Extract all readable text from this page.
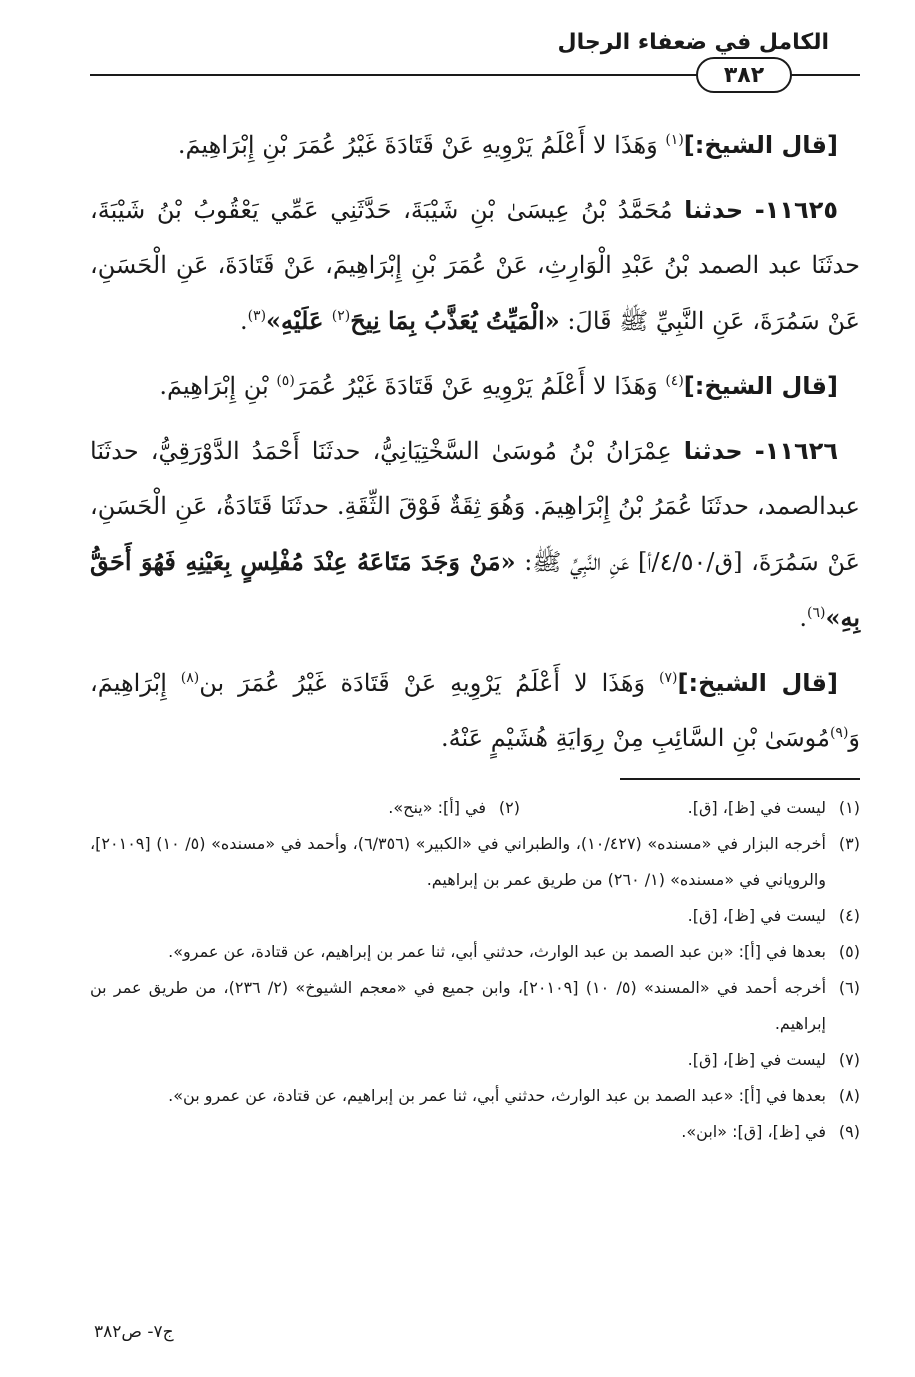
الكامل في ضعفاء الرجال
٣٨٢

[قال الشيخ:]$^{(١)}$ وَهَذَا لا أَعْلَمُ يَرْوِيهِ عَنْ قَتَادَةَ غَيْرُ عُمَرَ بْنِ إِبْرَاهِيمَ.

١١٦٢٥- حدثنا مُحَمَّدُ بْنُ عِيسَىٰ بْنِ شَيْبَةَ، حَدَّثَنِي عَمِّي يَعْقُوبُ بْنُ شَيْبَةَ، حدثَنَا عبد الصمد بْنُ عَبْدِ الْوَارِثِ، عَنْ عُمَرَ بْنِ إِبْرَاهِيمَ، عَنْ قَتَادَةَ، عَنِ الْحَسَنِ، عَنْ سَمُرَةَ، عَنِ النَّبِيِّ ﷺ قَالَ: «الْمَيِّتُ يُعَذَّبُ بِمَا نِيحَ$^{(٢)}$ عَلَيْهِ»$^{(٣)}$.

[قال الشيخ:]$^{(٤)}$ وَهَذَا لا أَعْلَمُ يَرْوِيهِ عَنْ قَتَادَةَ غَيْرُ عُمَرَ$^{(٥)}$ بْنِ إِبْرَاهِيمَ.

١١٦٢٦- حدثنا عِمْرَانُ بْنُ مُوسَىٰ السَّخْتِيَانِيُّ، حدثَنَا أَحْمَدُ الدَّوْرَقِيُّ، حدثَنَا عبدالصمد، حدثَنَا عُمَرُ بْنُ إِبْرَاهِيمَ. وَهُوَ ثِقَةٌ فَوْقَ الثِّقَةِ. حدثَنَا قَتَادَةُ، عَنِ الْحَسَنِ، عَنْ سَمُرَةَ، [ق/٤/٥٠/أ] عَنِ النَّبِيِّ ﷺ: «مَنْ وَجَدَ مَتَاعَهُ عِنْدَ مُفْلِسٍ بِعَيْنِهِ فَهُوَ أَحَقُّ بِهِ»$^{(٦)}$.

[قال الشيخ:]$^{(٧)}$ وَهَذَا لا أَعْلَمُ يَرْوِيهِ عَنْ قَتَادَة غَيْرُ عُمَرَ بن$^{(٨)}$ إِبْرَاهِيمَ، وَ$^{(٩)}$مُوسَىٰ بْنِ السَّائِبِ مِنْ رِوَايَةِ هُشَيْمٍ عَنْهُ.

(١)
ليست في [ظ]، [ق].
(٢)
في [أ]: «ينح».
(٣)
أخرجه البزار في «مسنده» (١٠/٤٢٧)، والطبراني في «الكبير» (٦/٣٥٦)، وأحمد في «مسنده» (٥/ ١٠) [٢٠١٠٩]، والروياني في «مسنده» (١/ ٢٦٠) من طريق عمر بن إبراهيم.
(٤)
ليست في [ظ]، [ق].
(٥)
بعدها في [أ]: «بن عبد الصمد بن عبد الوارث، حدثني أبي، ثنا عمر بن إبراهيم، عن قتادة، عن عمرو».
(٦)
أخرجه أحمد في «المسند» (٥/ ١٠) [٢٠١٠٩]، وابن جميع في «معجم الشيوخ» (٢/ ٢٣٦)، من طريق عمر بن إبراهيم.
(٧)
ليست في [ظ]، [ق].
(٨)
بعدها في [أ]: «عبد الصمد بن عبد الوارث، حدثني أبي، ثنا عمر بن إبراهيم، عن قتادة، عن عمرو بن».
(٩)
في [ظ]، [ق]: «ابن».
ج٧- ص٣٨٢
